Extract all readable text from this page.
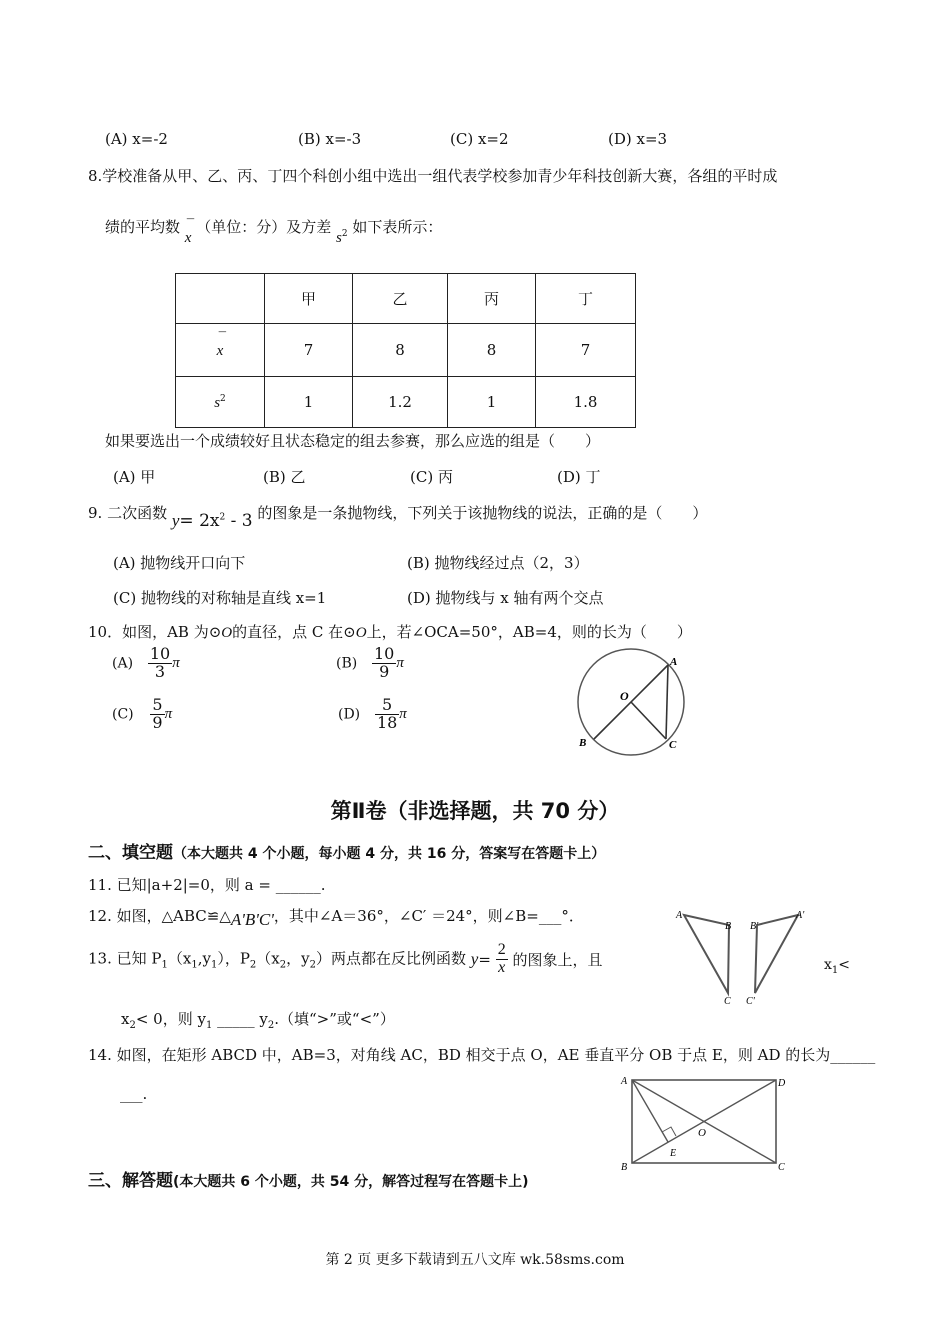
(A) x=-2	(B) x=-3	(C) x=2	(D) x=3
8.学校准备从甲、乙、丙、丁四个科创小组中选出一组代表学校参加青少年科技创新大赛，各组的平时成
绩的平均数 ‾
x （单位：分）及方差 $s^2$ 如下表所示：
	甲	乙	丙	丁

‾
x	7	8	8	7
$s^2$	1	1.2	1	1.8
如果要选出一个成绩较好且状态稳定的组去参赛，那么应选的组是（　　）
(A) 甲	(B) 乙	(C) 丙	(D) 丁
9. 二次函数 $y= 2x^2 - 3$ 的图象是一条抛物线，下列关于该抛物线的说法，正确的是（　　）
(A) 抛物线开口向下	(B) 抛物线经过点（2，3）
(C) 抛物线的对称轴是直线 x=1	(D) 抛物线与 x 轴有两个交点
10．如图，AB 为⊙O的直径，点 C 在⊙O上，若∠OCA=50°，AB=4，则的长为（　　）
$(A) \frac{10}{3}$ π	$(B) \frac{10}{9}$ π
$(C) \frac{5}{9}$ π	$(D) \frac{5}{18}$ π
O
A
B	C
第Ⅱ卷（非选择题，共 70 分）
二、填空题（本大题共 4 个小题，每小题 4 分，共 16 分，答案写在答题卡上）
11. 已知|a+2|=0，则 a = ______.
12. 如图，△ABC≌△A'B'C'，其中∠A＝36°，∠C′ ＝24°，则∠B=___°．	A
B
C
B'
A'
C'
13. 已知 $P_1(x_1,y_1)$，$P_2(x_2$，$y_2$）两点都在反比例函数 $y= \frac{2}{x}$ 的图象上，且	$x_1<$
$x_2< 0$，则 $y_1$ _____ $y_2$.（填“>”或“<”）
14. 如图，在矩形 ABCD 中，AB=3，对角线 AC，BD 相交于点 O，AE 垂直平分 OB 于点 E，则 AD 的长为______
___.
A
B	C
D
O
E
三、解答题(本大题共 6 个小题，共 54 分，解答过程写在答题卡上)
第 2 页 更多下载请到五八文库 wk.58sms.com
